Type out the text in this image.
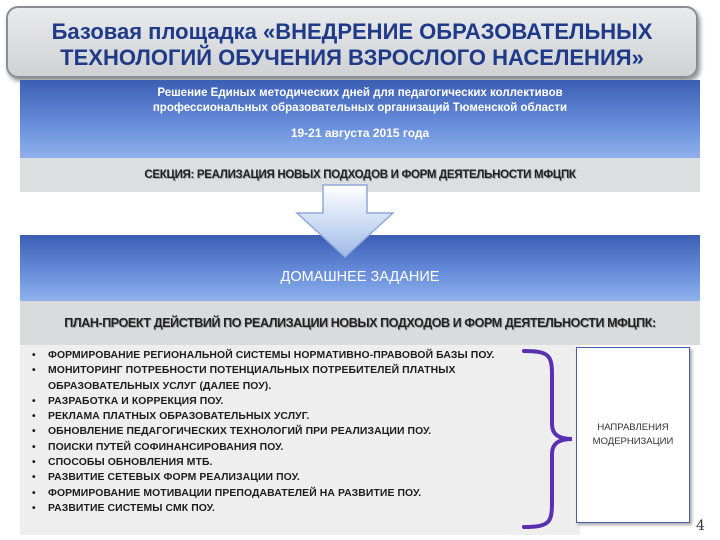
Базовая площадка «ВНЕДРЕНИЕ ОБРАЗОВАТЕЛЬНЫХ
ТЕХНОЛОГИЙ ОБУЧЕНИЯ ВЗРОСЛОГО НАСЕЛЕНИЯ»
Решение Единых методических дней для педагогических коллективов
профессиональных образовательных организаций Тюменской области
19-21 августа 2015 года
СЕКЦИЯ: РЕАЛИЗАЦИЯ НОВЫХ ПОДХОДОВ И ФОРМ ДЕЯТЕЛЬНОСТИ МФЦПК
ДОМАШНЕЕ ЗАДАНИЕ
ПЛАН-ПРОЕКТ ДЕЙСТВИЙ ПО РЕАЛИЗАЦИИ НОВЫХ ПОДХОДОВ И ФОРМ ДЕЯТЕЛЬНОСТИ МФЦПК:
• ФОРМИРОВАНИЕ РЕГИОНАЛЬНОЙ СИСТЕМЫ НОРМАТИВНО-ПРАВОВОЙ БАЗЫ ПОУ.
• МОНИТОРИНГ ПОТРЕБНОСТИ ПОТЕНЦИАЛЬНЫХ ПОТРЕБИТЕЛЕЙ ПЛАТНЫХ ОБРАЗОВАТЕЛЬНЫХ УСЛУГ (ДАЛЕЕ ПОУ).
• РАЗРАБОТКА И КОРРЕКЦИЯ ПОУ.
• РЕКЛАМА ПЛАТНЫХ ОБРАЗОВАТЕЛЬНЫХ УСЛУГ.
• ОБНОВЛЕНИЕ ПЕДАГОГИЧЕСКИХ ТЕХНОЛОГИЙ ПРИ РЕАЛИЗАЦИИ ПОУ.
• ПОИСКИ ПУТЕЙ СОФИНАНСИРОВАНИЯ ПОУ.
• СПОСОБЫ ОБНОВЛЕНИЯ МТБ.
• РАЗВИТИЕ СЕТЕВЫХ ФОРМ РЕАЛИЗАЦИИ ПОУ.
• ФОРМИРОВАНИЕ МОТИВАЦИИ ПРЕПОДАВАТЕЛЕЙ НА РАЗВИТИЕ ПОУ.
• РАЗВИТИЕ СИСТЕМЫ СМК ПОУ.
НАПРАВЛЕНИЯ
МОДЕРНИЗАЦИИ
4
